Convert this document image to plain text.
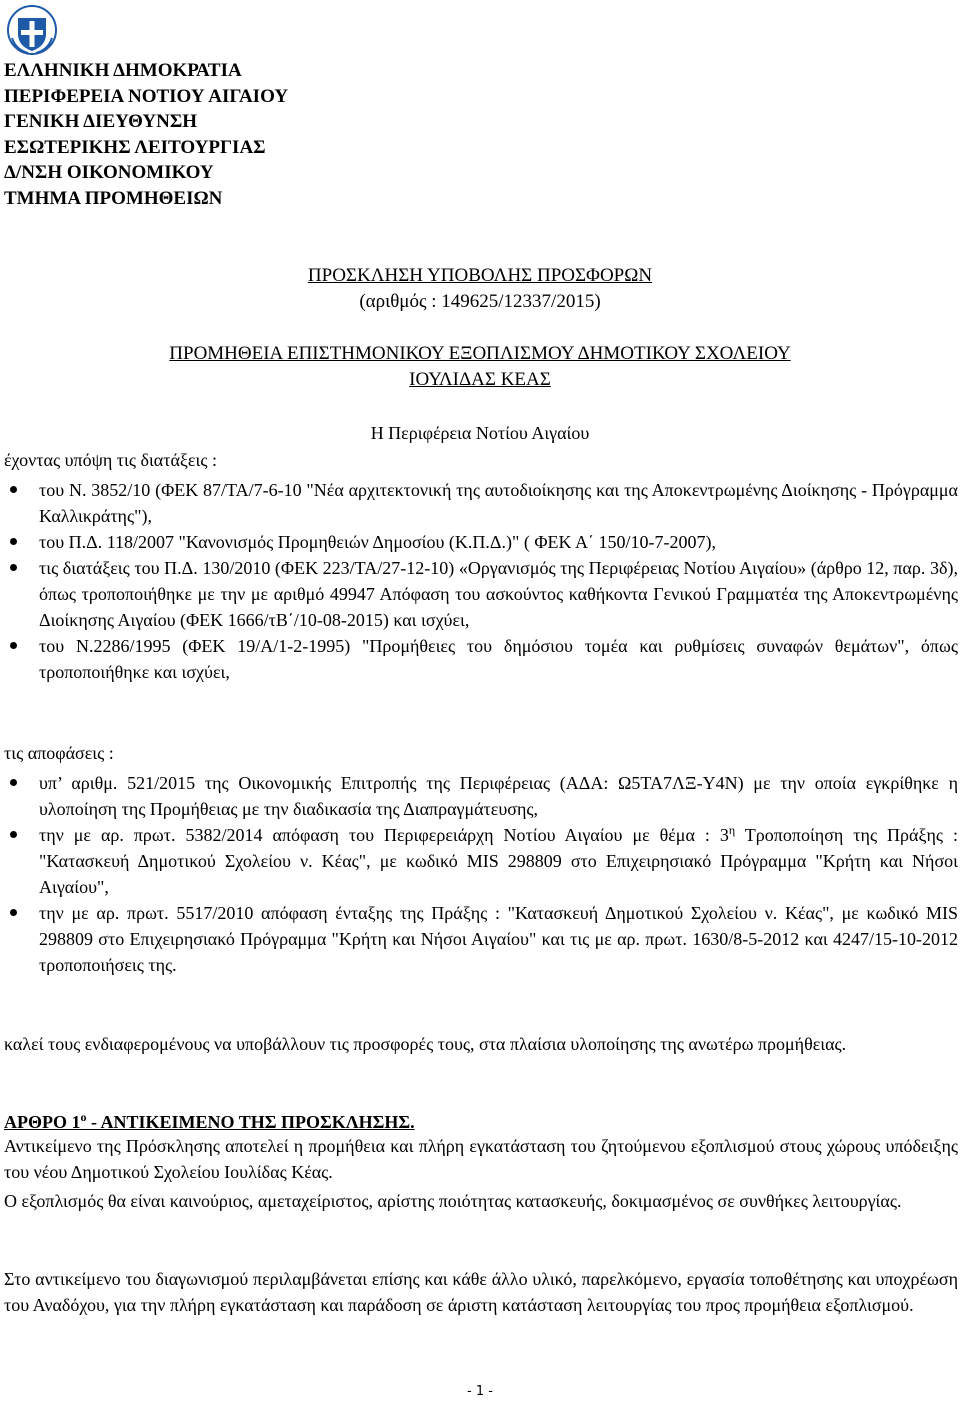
ΕΛΛΗΝΙΚΗ ΔΗΜΟΚΡΑΤΙΑ
ΠΕΡΙΦΕΡΕΙΑ ΝΟΤΙΟΥ ΑΙΓΑΙΟΥ
ΓΕΝΙΚΗ ΔΙΕΥΘΥΝΣΗ
ΕΣΩΤΕΡΙΚΗΣ ΛΕΙΤΟΥΡΓΙΑΣ
Δ/ΝΣΗ ΟΙΚΟΝΟΜΙΚΟΥ
ΤΜΗΜΑ ΠΡΟΜΗΘΕΙΩΝ
ΠΡΟΣΚΛΗΣΗ ΥΠΟΒΟΛΗΣ ΠΡΟΣΦΟΡΩΝ
(αριθμός : 149625/12337/2015)
ΠΡΟΜΗΘΕΙΑ ΕΠΙΣΤΗΜΟΝΙΚΟΥ ΕΞΟΠΛΙΣΜΟΥ ΔΗΜΟΤΙΚΟΥ ΣΧΟΛΕΙΟΥ
ΙΟΥΛΙΔΑΣ ΚΕΑΣ
Η Περιφέρεια Νοτίου Αιγαίου
έχοντας υπόψη τις διατάξεις :
του Ν. 3852/10 (ΦΕΚ 87/ΤΑ/7-6-10 "Νέα αρχιτεκτονική της αυτοδιοίκησης και της Αποκεντρωμένης Διοίκησης - Πρόγραμμα Καλλικράτης"),
του Π.Δ. 118/2007 "Κανονισμός Προμηθειών Δημοσίου (Κ.Π.Δ.)" ( ΦΕΚ Α΄ 150/10-7-2007),
τις διατάξεις του Π.Δ. 130/2010 (ΦΕΚ 223/ΤΑ/27-12-10) «Οργανισμός της Περιφέρειας Νοτίου Αιγαίου» (άρθρο 12, παρ. 3δ), όπως τροποποιήθηκε με την με αριθμό 49947 Απόφαση του ασκούντος καθήκοντα Γενικού Γραμματέα της Αποκεντρωμένης Διοίκησης Αιγαίου (ΦΕΚ 1666/τΒ΄/10-08-2015) και ισχύει,
του Ν.2286/1995 (ΦΕΚ 19/Α/1-2-1995) "Προμήθειες του δημόσιου τομέα και ρυθμίσεις συναφών θεμάτων", όπως τροποποιήθηκε και ισχύει,
τις αποφάσεις :
υπ’ αριθμ. 521/2015 της Οικονομικής Επιτροπής της Περιφέρειας (ΑΔΑ: Ω5ΤΑ7ΛΞ-Υ4Ν) με την οποία εγκρίθηκε η υλοποίηση της Προμήθειας με την διαδικασία της Διαπραγμάτευσης,
την με αρ. πρωτ. 5382/2014 απόφαση του Περιφερειάρχη Νοτίου Αιγαίου με θέμα : $3^\eta$ Τροποποίηση της Πράξης : "Κατασκευή Δημοτικού Σχολείου ν. Κέας", με κωδικό MIS 298809 στο Επιχειρησιακό Πρόγραμμα "Κρήτη και Νήσοι Αιγαίου",
την με αρ. πρωτ. 5517/2010 απόφαση ένταξης της Πράξης : "Κατασκευή Δημοτικού Σχολείου ν. Κέας", με κωδικό MIS 298809 στο Επιχειρησιακό Πρόγραμμα "Κρήτη και Νήσοι Αιγαίου" και τις με αρ. πρωτ. 1630/8-5-2012 και 4247/15-10-2012 τροποποιήσεις της.
καλεί τους ενδιαφερομένους να υποβάλλουν τις προσφορές τους, στα πλαίσια υλοποίησης της ανωτέρω προμήθειας.
ΑΡΘΡΟ $1^o$ - ΑΝΤΙΚΕΙΜΕΝΟ ΤΗΣ ΠΡΟΣΚΛΗΣΗΣ.
Αντικείμενο της Πρόσκλησης αποτελεί η προμήθεια και πλήρη εγκατάσταση του ζητούμενου εξοπλισμού στους χώρους υπόδειξης του νέου Δημοτικού Σχολείου Ιουλίδας Κέας.
Ο εξοπλισμός θα είναι καινούριος, αμεταχείριστος, αρίστης ποιότητας κατασκευής, δοκιμασμένος σε συνθήκες λειτουργίας.
Στο αντικείμενο του διαγωνισμού περιλαμβάνεται επίσης και κάθε άλλο υλικό, παρελκόμενο, εργασία τοποθέτησης και υποχρέωση του Αναδόχου, για την πλήρη εγκατάσταση και παράδοση σε άριστη κατάσταση λειτουργίας του προς προμήθεια εξοπλισμού.
- 1 -
